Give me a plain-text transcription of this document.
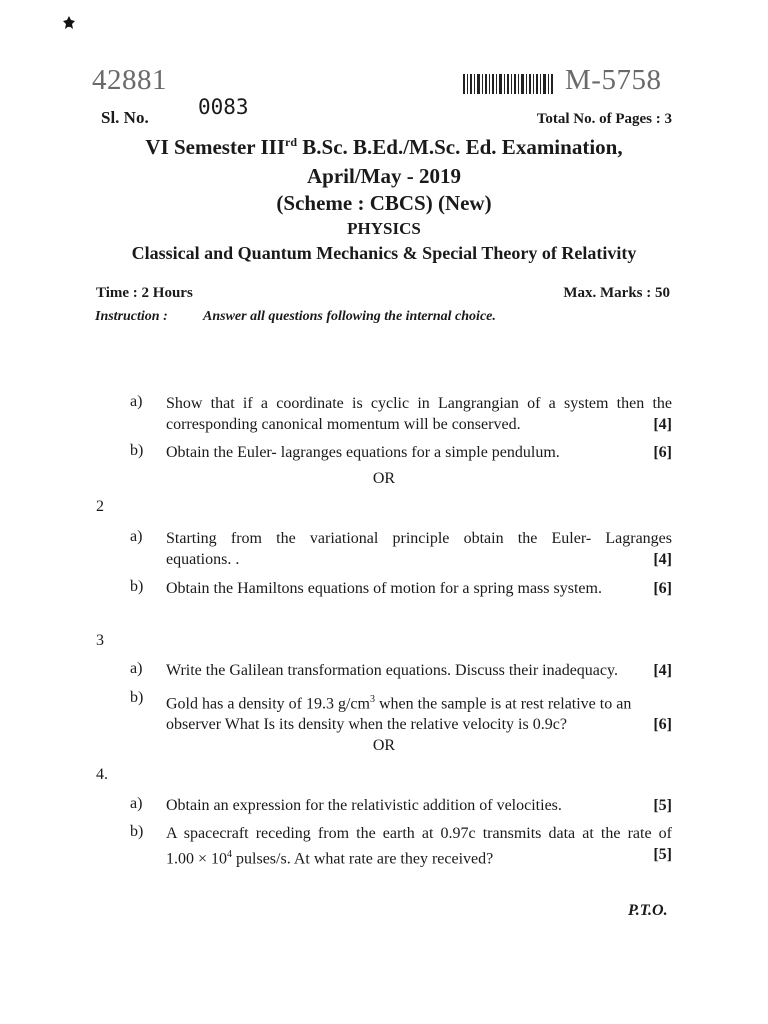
42881	M-5758
Sl. No. 0083	Total No. of Pages : 3
VI Semester IIIrd B.Sc. B.Ed./M.Sc. Ed. Examination,
April/May - 2019
(Scheme : CBCS) (New)
PHYSICS
Classical and Quantum Mechanics & Special Theory of Relativity
Time : 2 Hours	Max. Marks : 50
Instruction :	Answer all questions following the internal choice.
a) Show that if a coordinate is cyclic in Langrangian of a system then the
corresponding canonical momentum will be conserved.	[4]
b) Obtain the Euler- lagranges equations for a simple pendulum.	[6]
OR
2
a) Starting from the variational principle obtain the Euler- Lagranges
equations. .	[4]
b) Obtain the Hamiltons equations of motion for a spring mass system.	[6]
3
a) Write the Galilean transformation equations. Discuss their inadequacy. [4]
b) Gold has a density of 19.3 $g/cm^3$ when the sample is at rest relative to an
observer What Is its density when the relative velocity is 0.9c?	[6]
OR
4.
a) Obtain an expression for the relativistic addition of velocities.	[5]
b) A spacecraft receding from the earth at 0.97c transmits data at the rate of
$1.00 \times 10^4$ pulses/s. At what rate are they received?	[5]
P.T.O.
